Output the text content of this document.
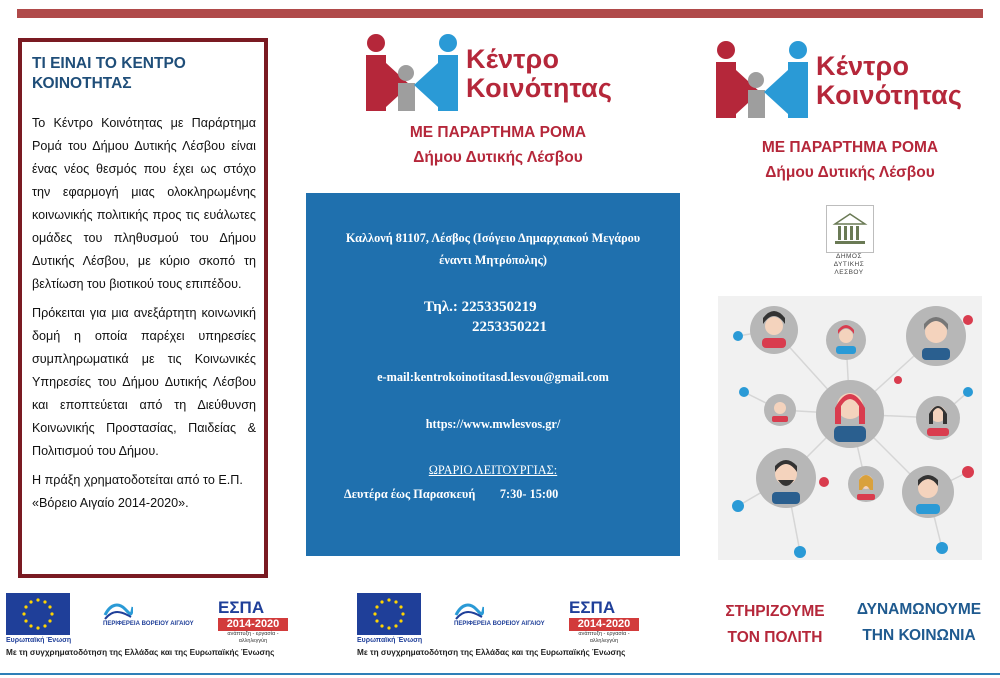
ΤΙ ΕΙΝΑΙ ΤΟ ΚΕΝΤΡΟ ΚΟΙΝΟΤΗΤΑΣ

Το Κέντρο Κοινότητας με Παράρτημα Ρομά του Δήμου Δυτικής Λέσβου είναι ένας νέος θεσμός που έχει ως στόχο την εφαρμογή μιας ολοκληρωμένης κοινωνικής πολιτικής προς τις ευάλωτες ομάδες του πληθυσμού του Δήμου Δυτικής Λέσβου, με κύριο σκοπό τη βελτίωση του βιοτικού τους επιπέδου.

Πρόκειται για μια ανεξάρτητη κοινωνική δομή η οποία παρέχει υπηρεσίες συμπληρωματικά με τις Κοινωνικές Υπηρεσίες του Δήμου Δυτικής Λέσβου και εποπτεύεται από τη Διεύθυνση Κοινωνικής Προστασίας, Παιδείας & Πολιτισμού του Δήμου.

Η πράξη χρηματοδοτείται από το Ε.Π. «Βόρειο Αιγαίο 2014-2020».

Ευρωπαϊκή Ένωση
ΠΕΡΙΦΕΡΕΙΑ ΒΟΡΕΙΟΥ ΑΙΓΑΙΟΥ
ΕΣΠΑ
2014-2020
ανάπτυξη - εργασία - αλληλεγγύη
Με τη συγχρηματοδότηση της Ελλάδας και της Ευρωπαϊκής Ένωσης
Κέντρο
Κοινότητας
ΜΕ ΠΑΡΑΡΤΗΜΑ ΡΟΜΑ
Δήμου Δυτικής Λέσβου
Καλλονή 81107, Λέσβος (Ισόγειο Δημαρχιακού Μεγάρου
έναντι Μητρόπολης)
Τηλ.: 2253350219
2253350221
e-mail:kentrokoinotitasd.lesvou@gmail.com
https://www.mwlesvos.gr/
ΩΡΑΡΙΟ ΛΕΙΤΟΥΡΓΙΑΣ:
Δευτέρα έως Παρασκευή        7:30- 15:00
Ευρωπαϊκή Ένωση
ΠΕΡΙΦΕΡΕΙΑ ΒΟΡΕΙΟΥ ΑΙΓΑΙΟΥ
ΕΣΠΑ
2014-2020
ανάπτυξη - εργασία - αλληλεγγύη
Με τη συγχρηματοδότηση της Ελλάδας και της Ευρωπαϊκής Ένωσης
Κέντρο
Κοινότητας
ΜΕ ΠΑΡΑΡΤΗΜΑ ΡΟΜΑ
Δήμου Δυτικής Λέσβου
ΔΗΜΟΣ
ΔΥΤΙΚΗΣ
ΛΕΣΒΟΥ
ΣΤΗΡΙΖΟΥΜΕ
ΤΟΝ ΠΟΛΙΤΗ
ΔΥΝΑΜΩΝΟΥΜΕ
ΤΗΝ ΚΟΙΝΩΝΙΑ
